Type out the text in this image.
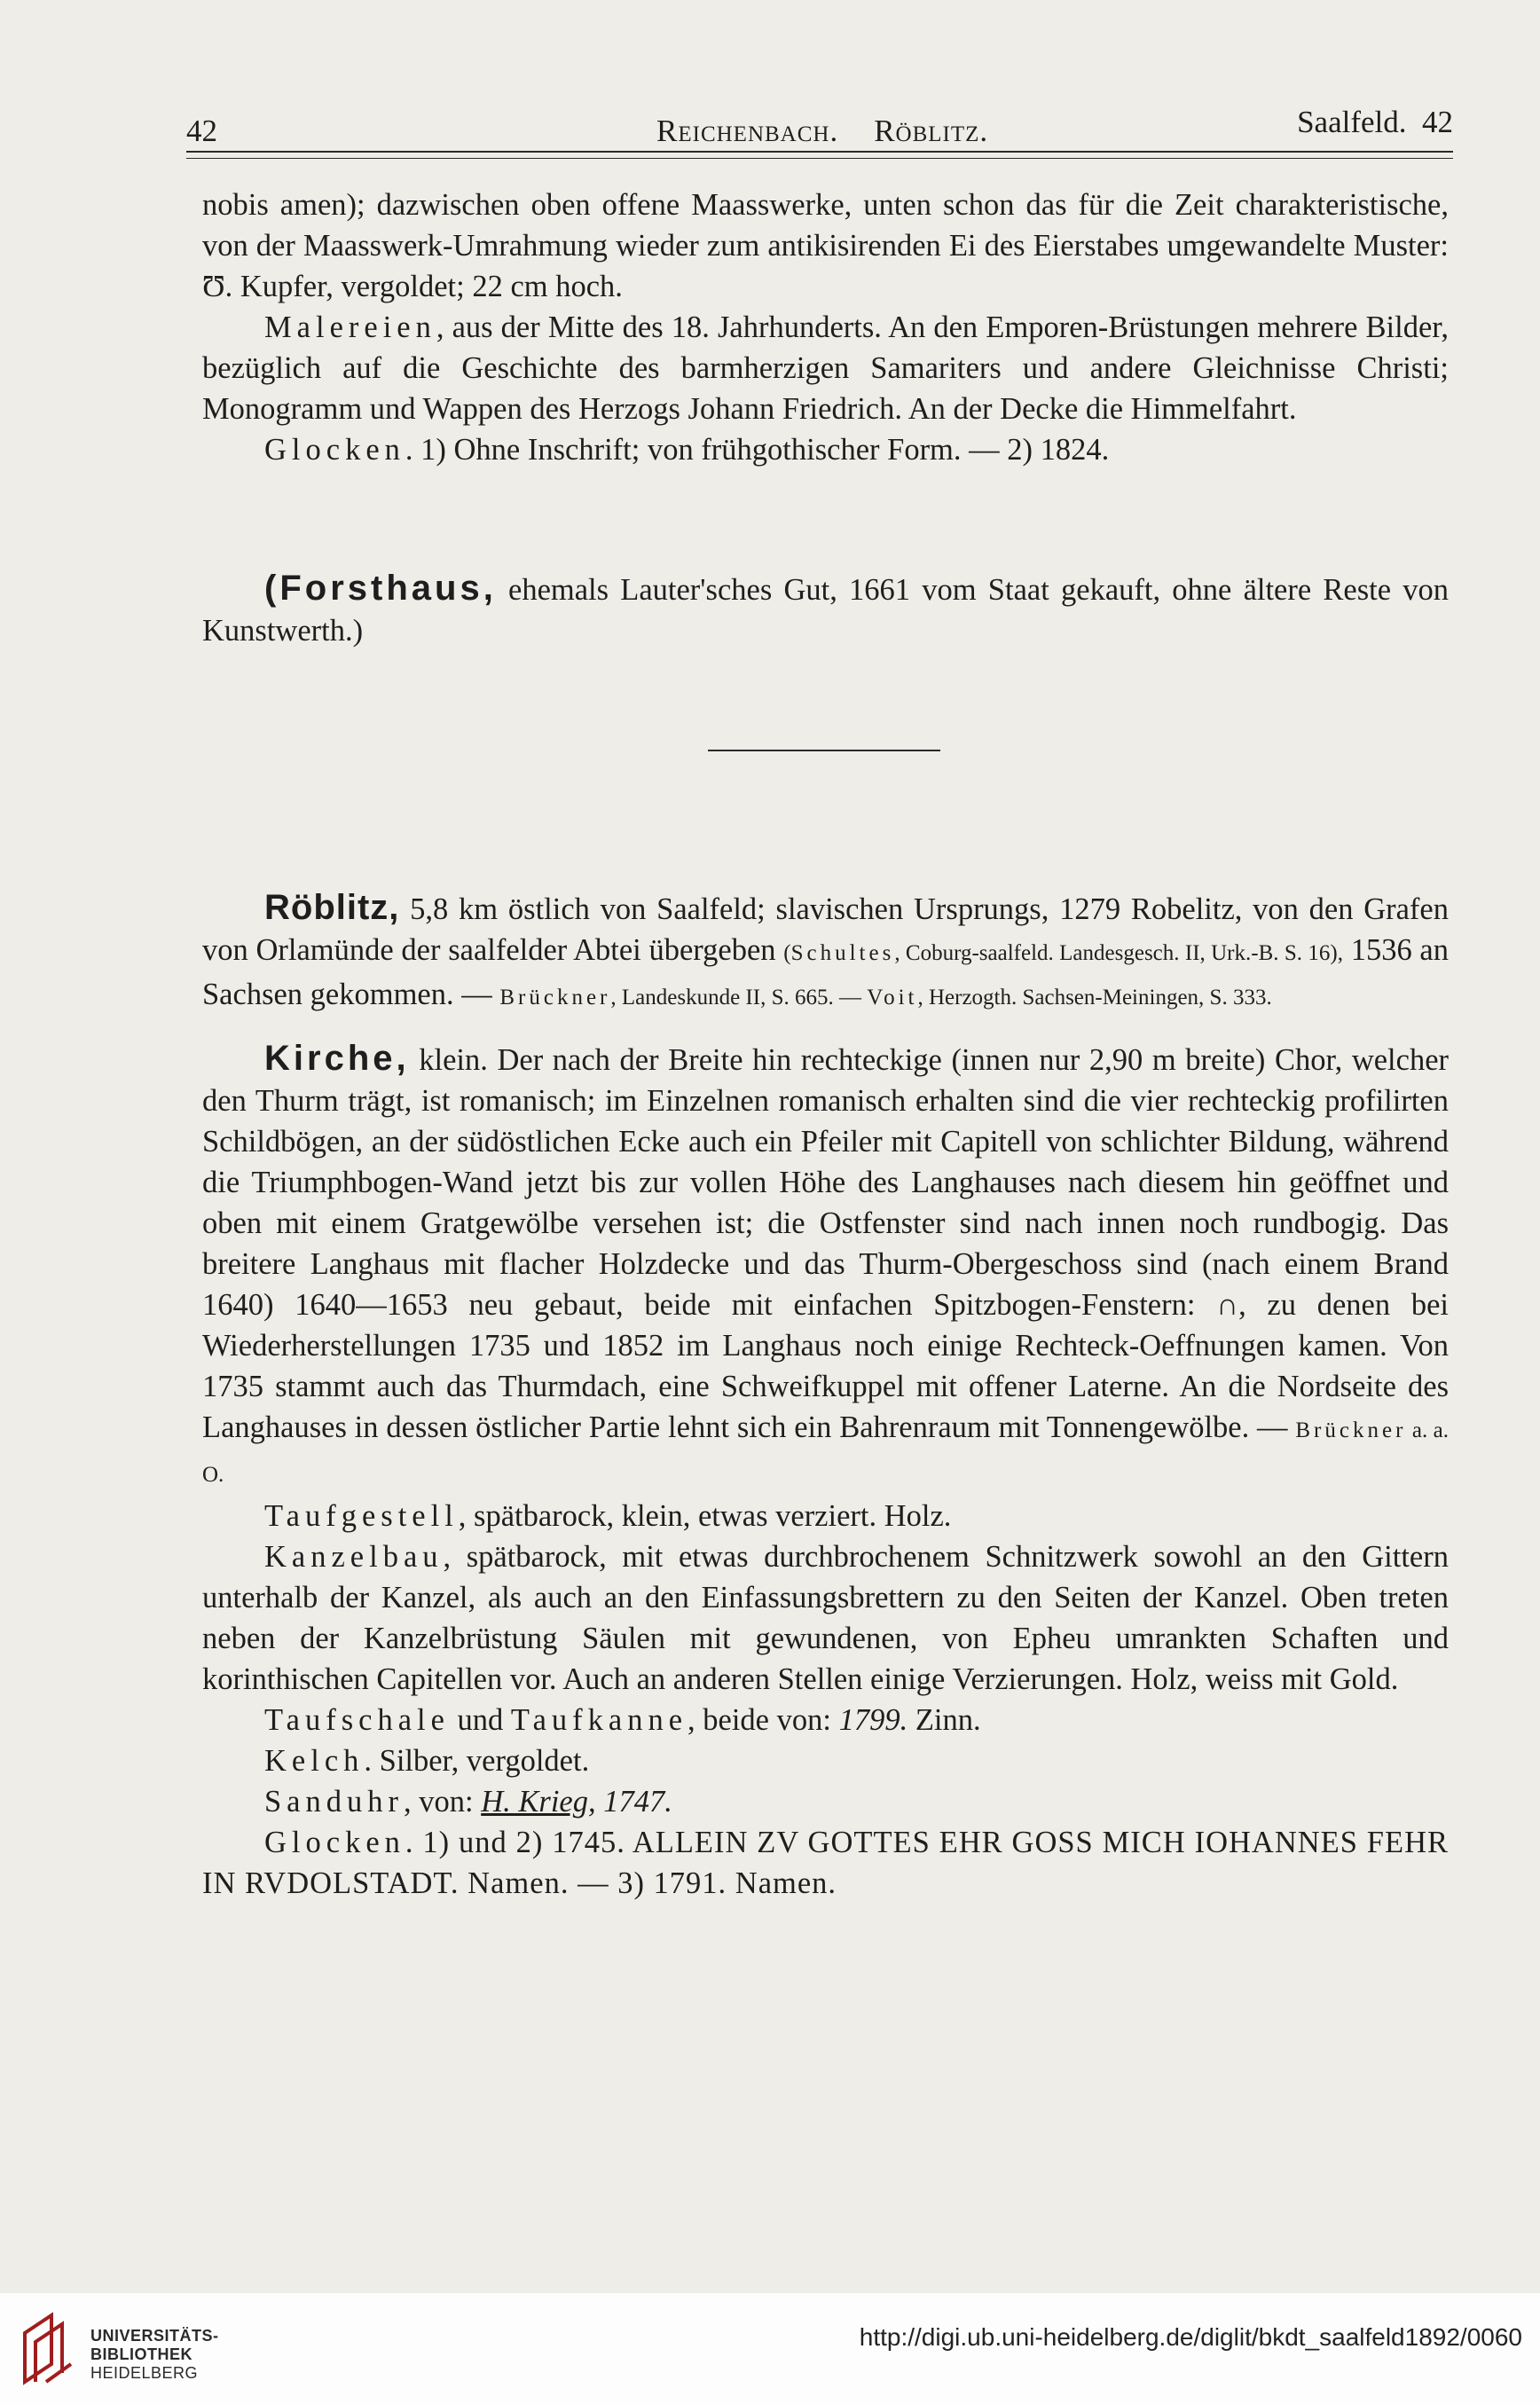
42	Reichenbach. Röblitz.	Saalfeld. 42

nobis amen); dazwischen oben offene Maasswerke, unten schon das für die Zeit charakteristische, von der Maasswerk-Umrahmung wieder zum antikisirenden Ei des Eierstabes umgewandelte Muster: Ʊ. Kupfer, vergoldet; 22 cm hoch.

Malereien, aus der Mitte des 18. Jahrhunderts. An den Emporen-Brüstungen mehrere Bilder, bezüglich auf die Geschichte des barmherzigen Samariters und andere Gleichnisse Christi; Monogramm und Wappen des Herzogs Johann Friedrich. An der Decke die Himmelfahrt.

Glocken. 1) Ohne Inschrift; von frühgothischer Form. — 2) 1824.

(Forsthaus, ehemals Lauter'sches Gut, 1661 vom Staat gekauft, ohne ältere Reste von Kunstwerth.)

Röblitz, 5,8 km östlich von Saalfeld; slavischen Ursprungs, 1279 Robelitz, von den Grafen von Orlamünde der saalfelder Abtei übergeben (Schultes, Coburg-saalfeld. Landesgesch. II, Urk.-B. S. 16), 1536 an Sachsen gekommen. — Brückner, Landeskunde II, S. 665. — Voit, Herzogth. Sachsen-Meiningen, S. 333.

Kirche, klein. Der nach der Breite hin rechteckige (innen nur 2,90 m breite) Chor, welcher den Thurm trägt, ist romanisch; im Einzelnen romanisch erhalten sind die vier rechteckig profilirten Schildbögen, an der südöstlichen Ecke auch ein Pfeiler mit Capitell von schlichter Bildung, während die Triumphbogen-Wand jetzt bis zur vollen Höhe des Langhauses nach diesem hin geöffnet und oben mit einem Gratgewölbe versehen ist; die Ostfenster sind nach innen noch rundbogig. Das breitere Langhaus mit flacher Holzdecke und das Thurm-Obergeschoss sind (nach einem Brand 1640) 1640—1653 neu gebaut, beide mit einfachen Spitzbogen-Fenstern: ∩, zu denen bei Wiederherstellungen 1735 und 1852 im Langhaus noch einige Rechteck-Oeffnungen kamen. Von 1735 stammt auch das Thurmdach, eine Schweifkuppel mit offener Laterne. An die Nordseite des Langhauses in dessen östlicher Partie lehnt sich ein Bahrenraum mit Tonnengewölbe. — Brückner a. a. O.

Taufgestell, spätbarock, klein, etwas verziert. Holz.

Kanzelbau, spätbarock, mit etwas durchbrochenem Schnitzwerk sowohl an den Gittern unterhalb der Kanzel, als auch an den Einfassungsbrettern zu den Seiten der Kanzel. Oben treten neben der Kanzelbrüstung Säulen mit gewundenen, von Epheu umrankten Schaften und korinthischen Capitellen vor. Auch an anderen Stellen einige Verzierungen. Holz, weiss mit Gold.

Taufschale und Taufkanne, beide von: 1799. Zinn.

Kelch. Silber, vergoldet.

Sanduhr, von: H. Krieg, 1747.

Glocken. 1) und 2) 1745. ALLEIN ZV GOTTES EHR GOSS MICH IOHANNES FEHR IN RVDOLSTADT. Namen. — 3) 1791. Namen.

UNIVERSITÄTS-
BIBLIOTHEK
HEIDELBERG
http://digi.ub.uni-heidelberg.de/diglit/bkdt_saalfeld1892/0060
